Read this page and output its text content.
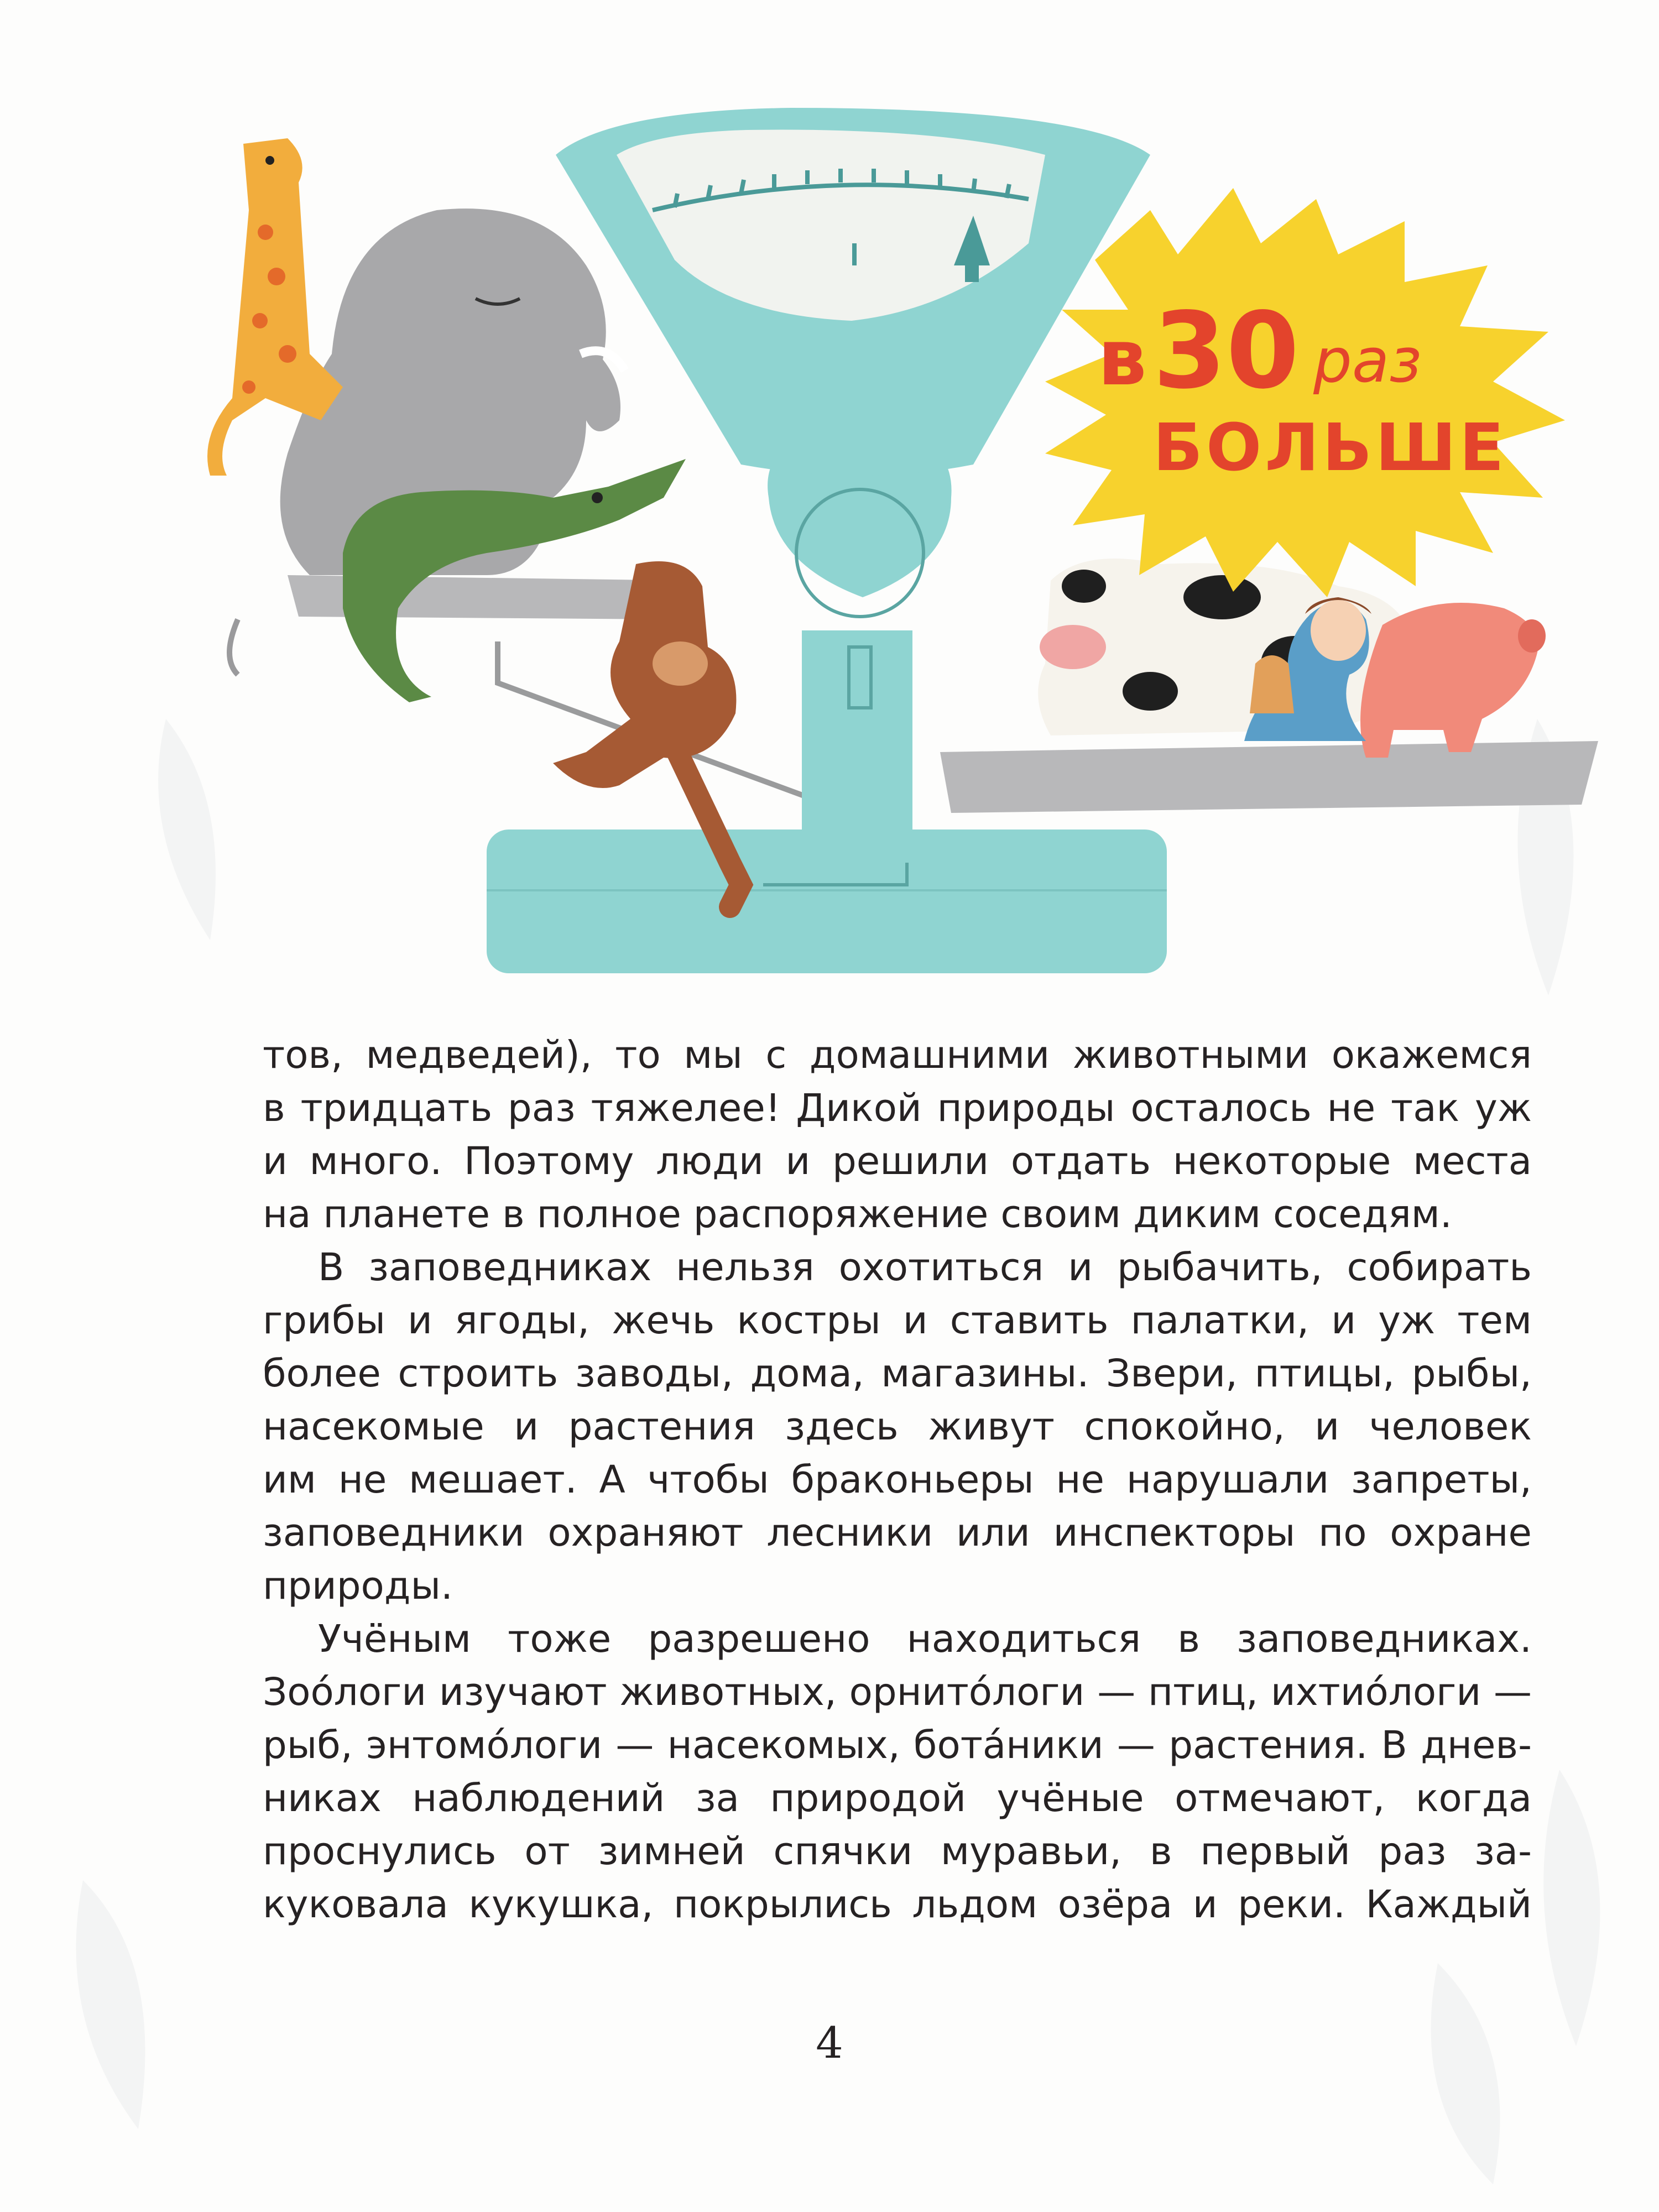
в 30 раз
БОЛЬШЕ
тов, медведей), то мы с домашними животными окажемся
в тридцать раз тяжелее! Дикой природы осталось не так уж
и много. Поэтому люди и решили отдать некоторые места
на планете в полное распоряжение своим диким соседям.
В заповедниках нельзя охотиться и рыбачить, собирать
грибы и ягоды, жечь костры и ставить палатки, и уж тем
более строить заводы, дома, магазины. Звери, птицы, рыбы,
насекомые и растения здесь живут спокойно, и человек
им не мешает. А чтобы браконьеры не нарушали запреты,
заповедники охраняют лесники или инспекторы по охране
природы.
Учёным тоже разрешено находиться в заповедниках.
Зоóлоги изучают животных, орнитóлоги — птиц, ихтиóлоги —
рыб, энтомóлоги — насекомых, ботáники — растения. В днев-
никах наблюдений за природой учёные отмечают, когда
проснулись от зимней спячки муравьи, в первый раз за-
куковала кукушка, покрылись льдом озёра и реки. Каждый
4
